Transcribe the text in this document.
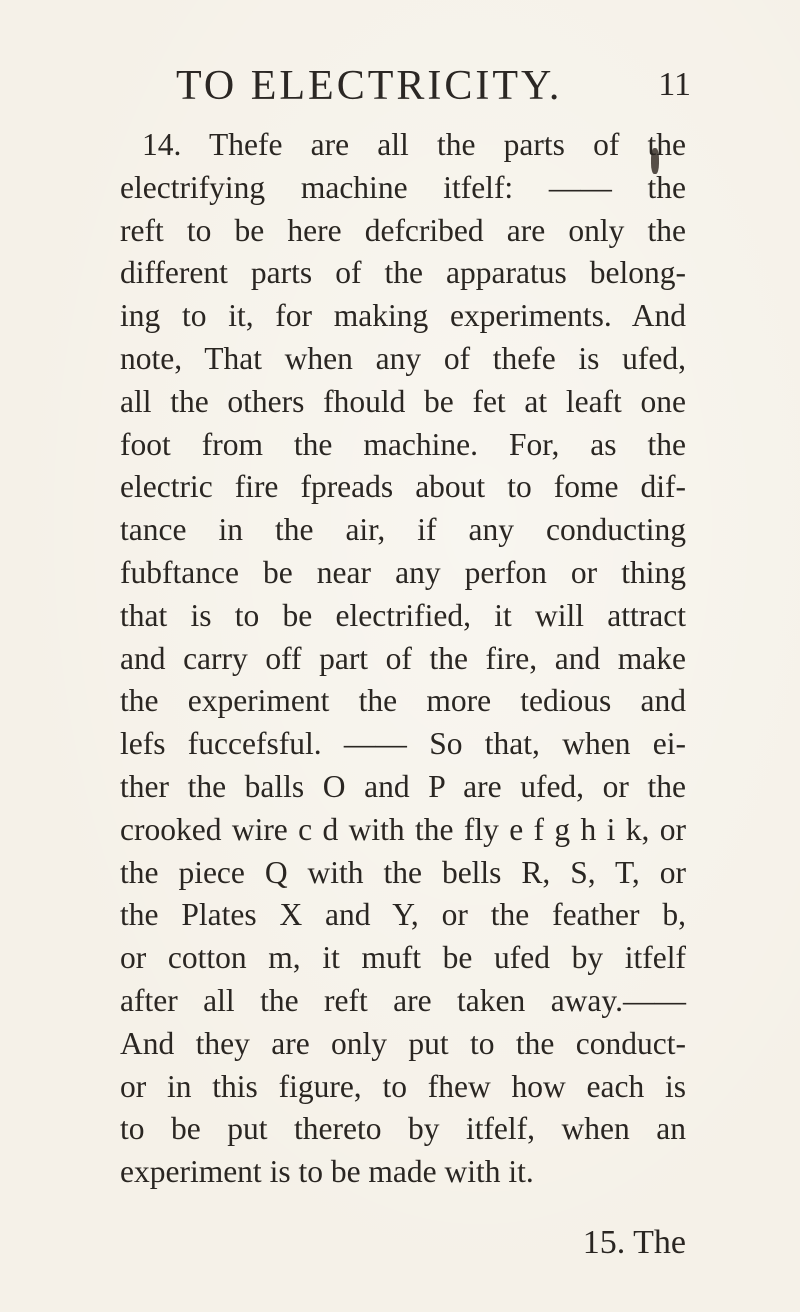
TO ELECTRICITY.	11
14. Thefe are all the parts of the
electrifying machine itfelf: —— the
reft to be here defcribed are only the
different parts of the apparatus belong-
ing to it, for making experiments. And
note, That when any of thefe is ufed,
all the others fhould be fet at leaft one
foot from the machine. For, as the
electric fire fpreads about to fome dif-
tance in the air, if any conducting
fubftance be near any perfon or thing
that is to be electrified, it will attract
and carry off part of the fire, and make
the experiment the more tedious and
lefs fuccefsful. —— So that, when ei-
ther the balls O and P are ufed, or the
crooked wire c d with the fly e f g h i k, or
the piece Q with the bells R, S, T, or
the Plates X and Y, or the feather b,
or cotton m, it muft be ufed by itfelf
after all the reft are taken away.——
And they are only put to the conduct-
or in this figure, to fhew how each is
to be put thereto by itfelf, when an
experiment is to be made with it.
15. The
